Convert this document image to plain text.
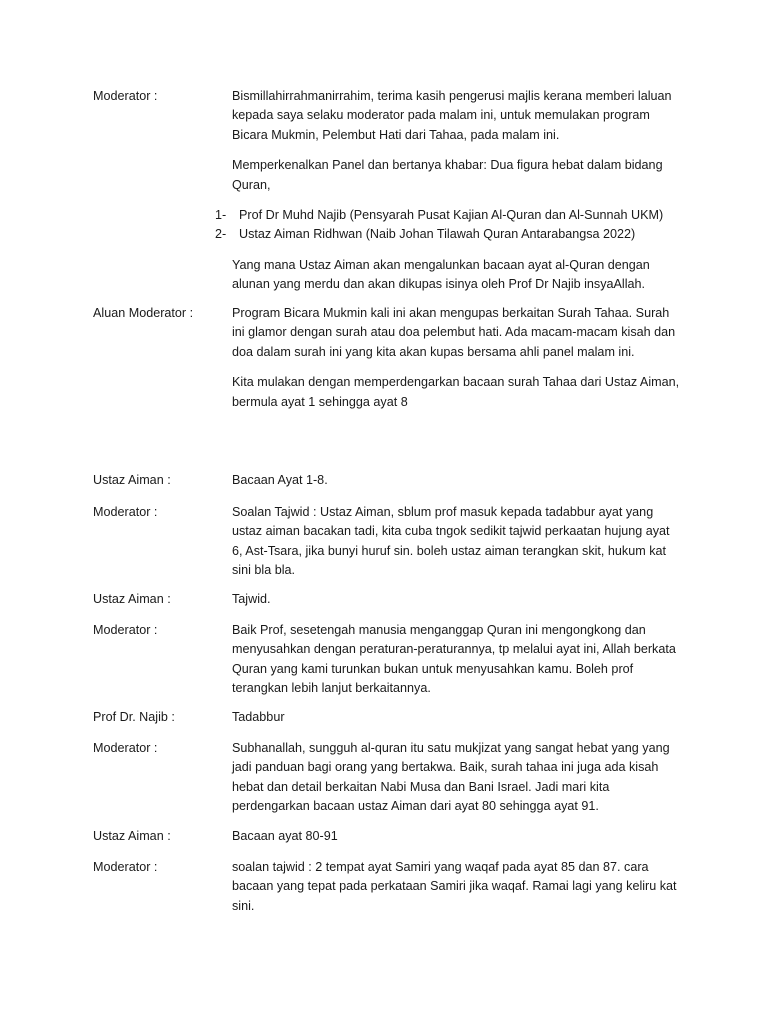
Moderator :	Bismillahirrahmanirrahim, terima kasih pengerusi majlis kerana memberi laluan kepada saya selaku moderator pada malam ini, untuk memulakan program Bicara Mukmin, Pelembut Hati dari Tahaa, pada malam ini.

Memperkenalkan Panel dan bertanya khabar: Dua figura hebat dalam bidang Quran,

1- Prof Dr Muhd Najib (Pensyarah Pusat Kajian Al-Quran dan Al-Sunnah UKM)
2- Ustaz Aiman Ridhwan (Naib Johan Tilawah Quran Antarabangsa 2022)

Yang mana Ustaz Aiman akan mengalunkan bacaan ayat al-Quran dengan alunan yang merdu dan akan dikupas isinya oleh Prof Dr Najib insyaAllah.

Aluan Moderator :	Program Bicara Mukmin kali ini akan mengupas berkaitan Surah Tahaa. Surah ini glamor dengan surah atau doa pelembut hati. Ada macam-macam kisah dan doa dalam surah ini yang kita akan kupas bersama ahli panel malam ini.

Kita mulakan dengan memperdengarkan bacaan surah Tahaa dari Ustaz Aiman, bermula ayat 1 sehingga ayat 8

Ustaz Aiman :	Bacaan Ayat 1-8.

Moderator :	Soalan Tajwid : Ustaz Aiman, sblum prof masuk kepada tadabbur ayat yang ustaz aiman bacakan tadi, kita cuba tngok sedikit tajwid perkaatan hujung ayat 6, Ast-Tsara, jika bunyi huruf sin. boleh ustaz aiman terangkan skit, hukum kat sini bla bla.

Ustaz Aiman :	Tajwid.

Moderator :	Baik Prof, sesetengah manusia menganggap Quran ini mengongkong dan menyusahkan dengan peraturan-peraturannya, tp melalui ayat ini, Allah berkata Quran yang kami turunkan bukan untuk menyusahkan kamu. Boleh prof terangkan lebih lanjut berkaitannya.

Prof Dr. Najib :	Tadabbur

Moderator :	Subhanallah, sungguh al-quran itu satu mukjizat yang sangat hebat yang yang jadi panduan bagi orang yang bertakwa. Baik, surah tahaa ini juga ada kisah hebat dan detail berkaitan Nabi Musa dan Bani Israel. Jadi mari kita perdengarkan bacaan ustaz Aiman dari ayat 80 sehingga ayat 91.

Ustaz Aiman :	Bacaan ayat 80-91

Moderator :	soalan tajwid : 2 tempat ayat Samiri yang waqaf pada ayat 85 dan 87. cara bacaan yang tepat pada perkataan Samiri jika waqaf. Ramai lagi yang keliru kat sini.
